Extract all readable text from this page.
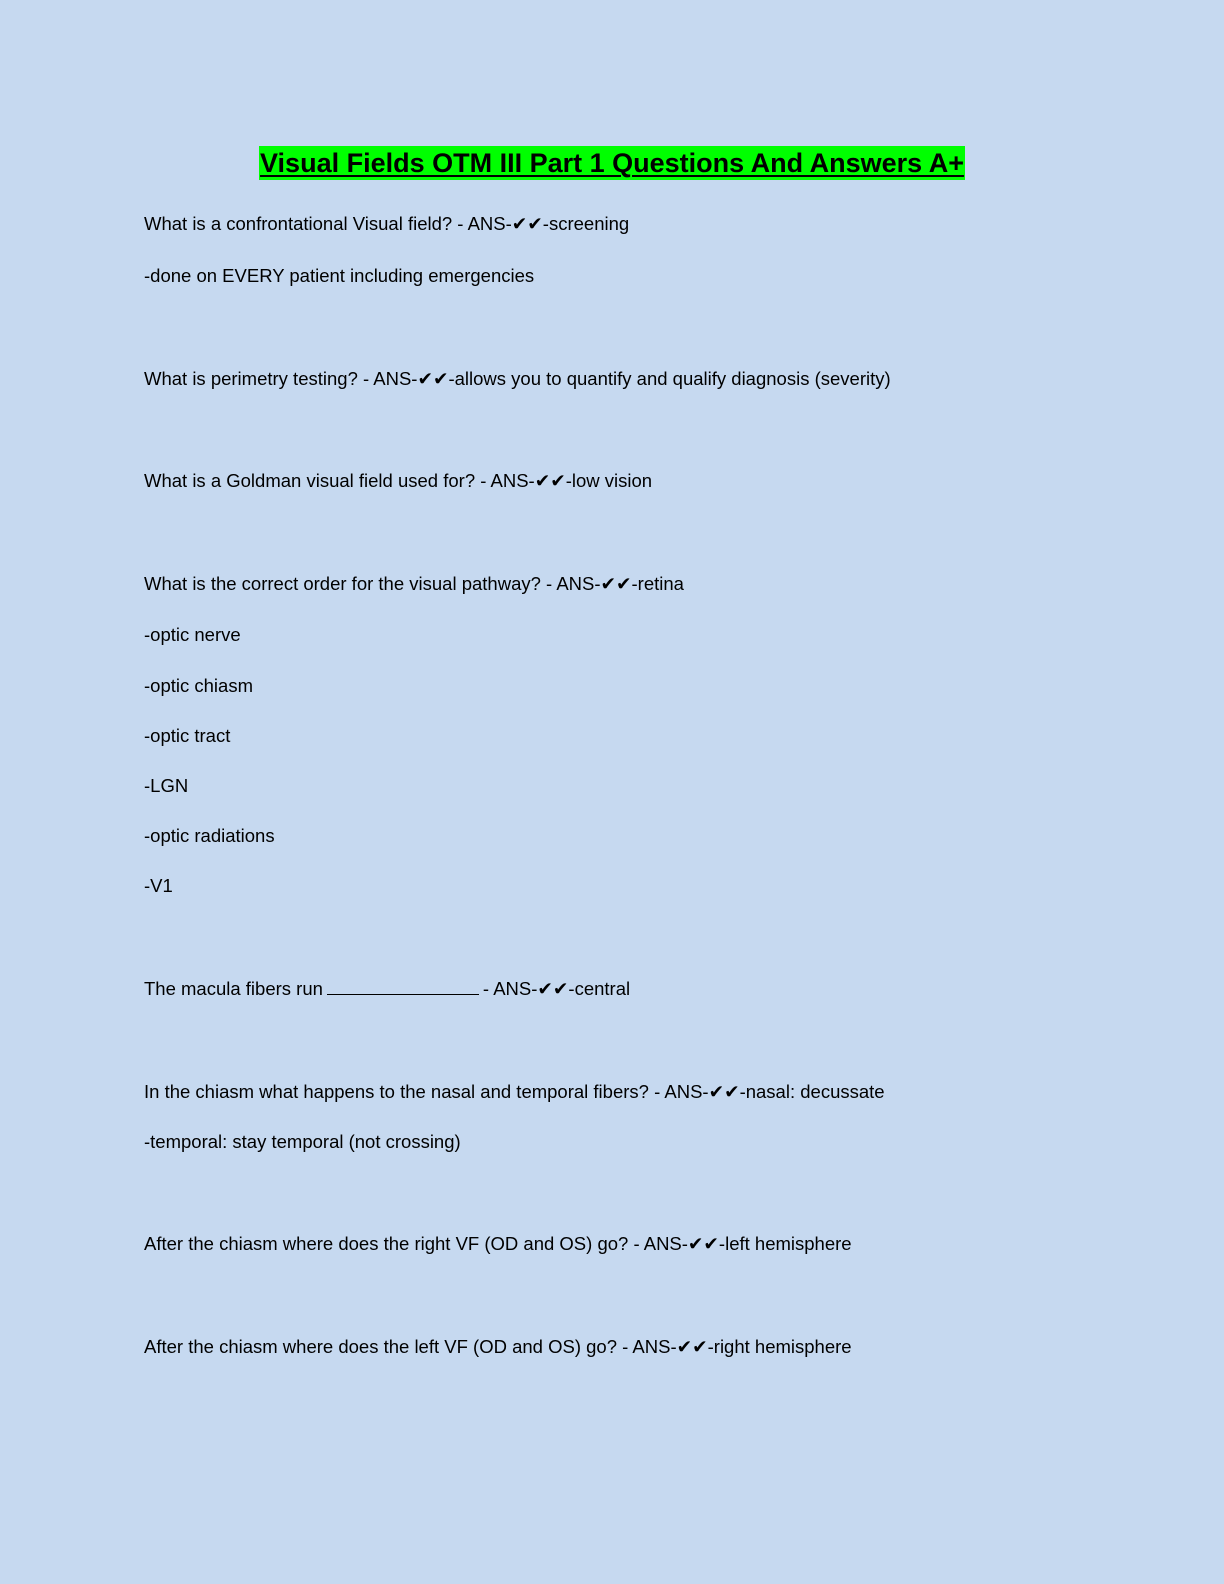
Visual Fields OTM III Part 1 Questions And Answers A+
What is a confrontational Visual field? - ANS-✔✔-screening
-done on EVERY patient including emergencies
What is perimetry testing? - ANS-✔✔-allows you to quantify and qualify diagnosis (severity)
What is a Goldman visual field used for? - ANS-✔✔-low vision
What is the correct order for the visual pathway? - ANS-✔✔-retina
-optic nerve
-optic chiasm
-optic tract
-LGN
-optic radiations
-V1
The macula fibers run	- ANS-✔✔-central
In the chiasm what happens to the nasal and temporal fibers? - ANS-✔✔-nasal: decussate
-temporal: stay temporal (not crossing)
After the chiasm where does the right VF (OD and OS) go? - ANS-✔✔-left hemisphere
After the chiasm where does the left VF (OD and OS) go? - ANS-✔✔-right hemisphere
